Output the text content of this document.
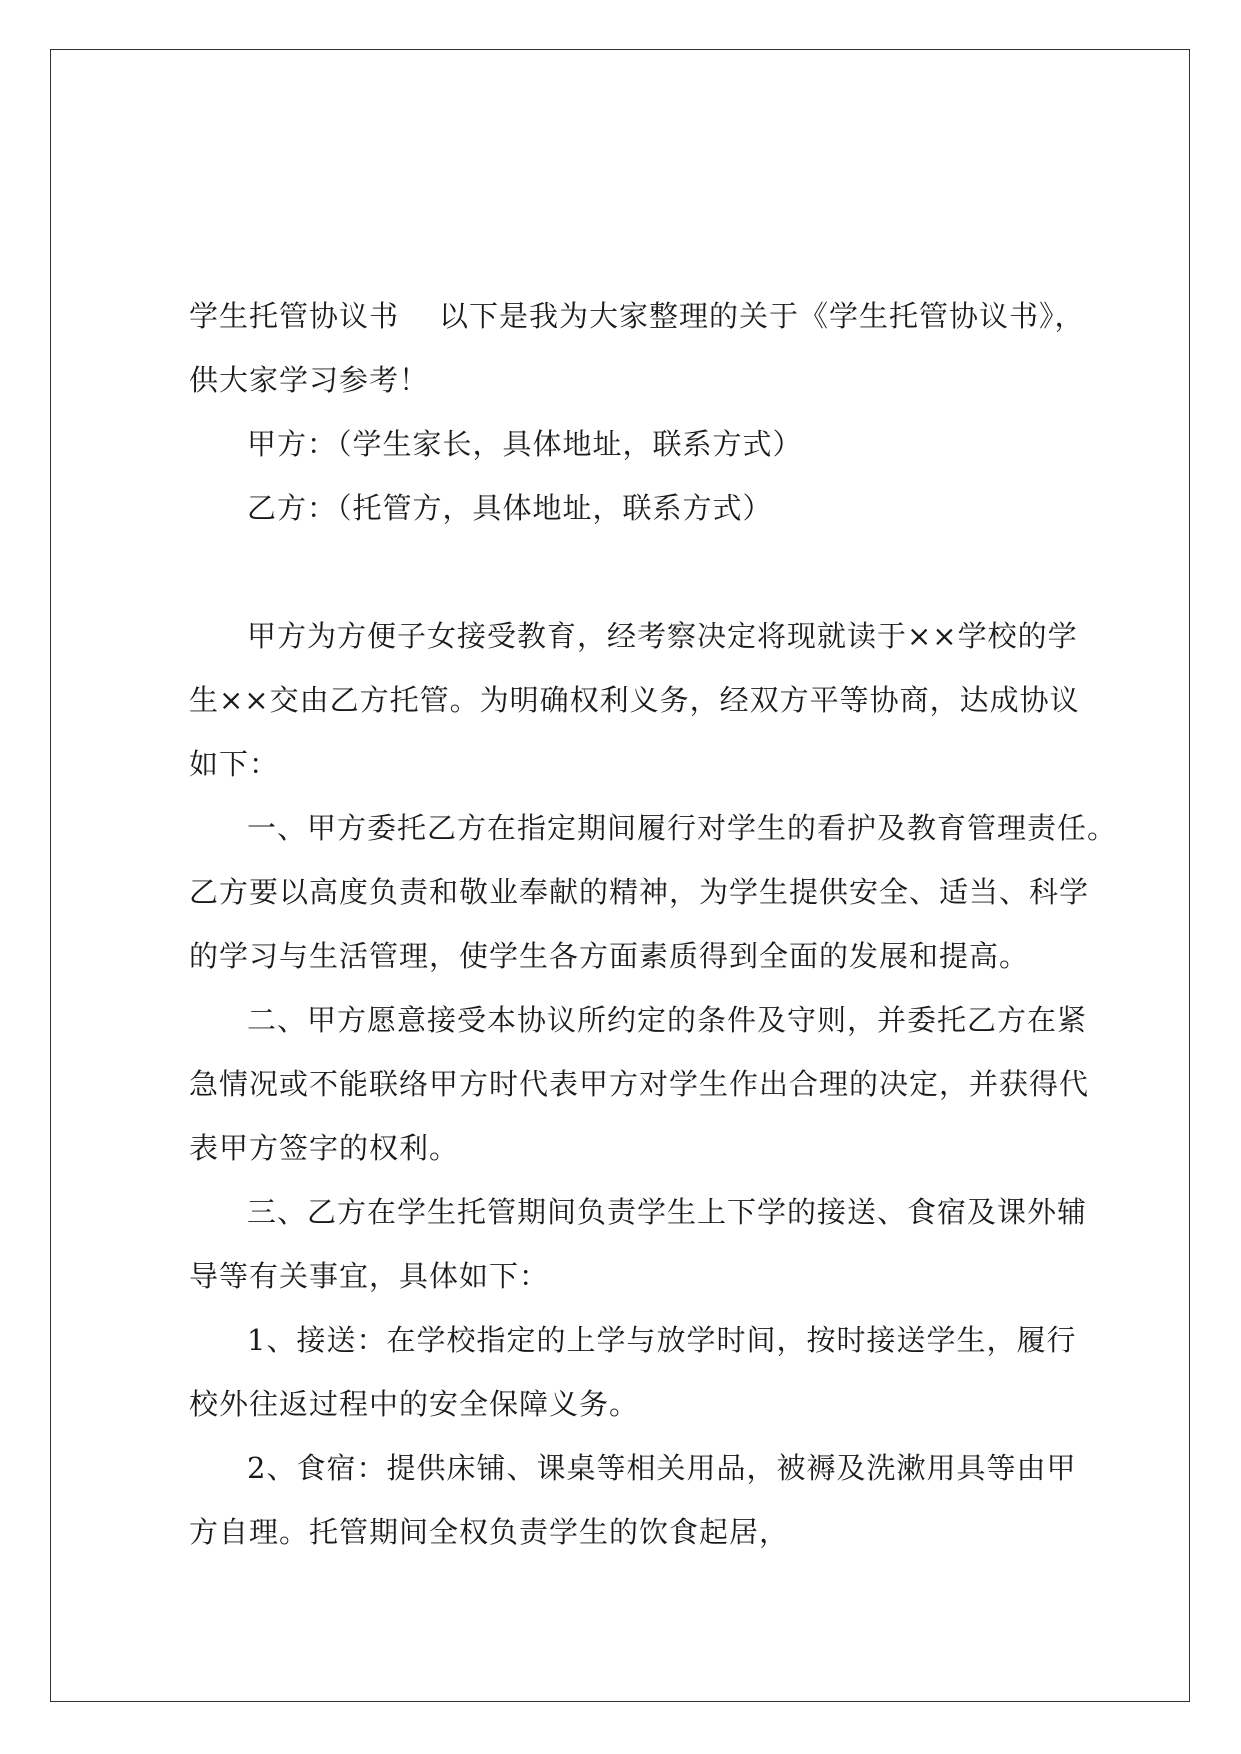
学生托管协议书 以下是我为大家整理的关于《学生托管协议书》，
供大家学习参考！
甲方：（学生家长，具体地址，联系方式）
乙方：（托管方，具体地址，联系方式）
甲方为方便子女接受教育，经考察决定将现就读于××学校的学
生××交由乙方托管。为明确权利义务，经双方平等协商，达成协议
如下：
一、甲方委托乙方在指定期间履行对学生的看护及教育管理责任。
乙方要以高度负责和敬业奉献的精神，为学生提供安全、适当、科学
的学习与生活管理，使学生各方面素质得到全面的发展和提高。
二、甲方愿意接受本协议所约定的条件及守则，并委托乙方在紧
急情况或不能联络甲方时代表甲方对学生作出合理的决定，并获得代
表甲方签字的权利。
三、乙方在学生托管期间负责学生上下学的接送、食宿及课外辅
导等有关事宜，具体如下：
1、接送：在学校指定的上学与放学时间，按时接送学生，履行
校外往返过程中的安全保障义务。
2、食宿：提供床铺、课桌等相关用品，被褥及洗漱用具等由甲
方自理。托管期间全权负责学生的饮食起居，
